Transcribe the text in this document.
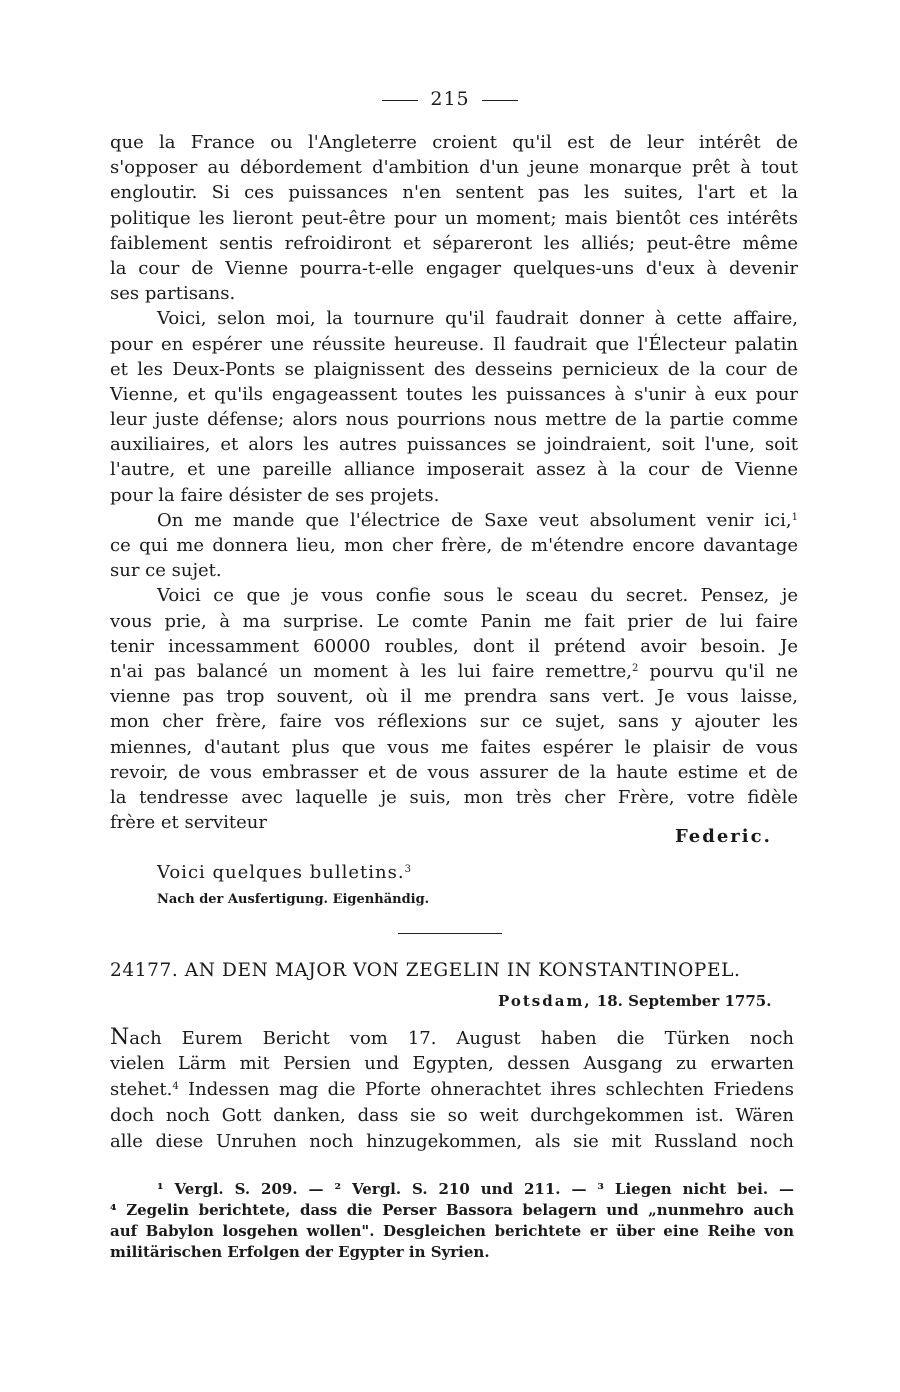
215
que la France ou l'Angleterre croient qu'il est de leur intérêt de
s'opposer au débordement d'ambition d'un jeune monarque prêt à tout
engloutir. Si ces puissances n'en sentent pas les suites, l'art et la
politique les lieront peut-être pour un moment; mais bientôt ces intérêts
faiblement sentis refroidiront et sépareront les alliés; peut-être même
la cour de Vienne pourra-t-elle engager quelques-uns d'eux à devenir
ses partisans.
Voici, selon moi, la tournure qu'il faudrait donner à cette affaire,
pour en espérer une réussite heureuse. Il faudrait que l'Électeur palatin
et les Deux-Ponts se plaignissent des desseins pernicieux de la cour de
Vienne, et qu'ils engageassent toutes les puissances à s'unir à eux pour
leur juste défense; alors nous pourrions nous mettre de la partie comme
auxiliaires, et alors les autres puissances se joindraient, soit l'une, soit
l'autre, et une pareille alliance imposerait assez à la cour de Vienne
pour la faire désister de ses projets.
On me mande que l'électrice de Saxe veut absolument venir ici,$^1$
ce qui me donnera lieu, mon cher frère, de m'étendre encore davantage
sur ce sujet.
Voici ce que je vous confie sous le sceau du secret. Pensez, je
vous prie, à ma surprise. Le comte Panin me fait prier de lui faire
tenir incessamment 60000 roubles, dont il prétend avoir besoin. Je
n'ai pas balancé un moment à les lui faire remettre,$^2$ pourvu qu'il ne
vienne pas trop souvent, où il me prendra sans vert. Je vous laisse,
mon cher frère, faire vos réflexions sur ce sujet, sans y ajouter les
miennes, d'autant plus que vous me faites espérer le plaisir de vous
revoir, de vous embrasser et de vous assurer de la haute estime et de
la tendresse avec laquelle je suis, mon très cher Frère, votre fidèle
frère et serviteur
Federic.
Voici quelques bulletins.$^3$
Nach der Ausfertigung. Eigenhändig.
24177. AN DEN MAJOR VON ZEGELIN IN KONSTANTINOPEL.
Potsdam, 18. September 1775.
Nach Eurem Bericht vom 17. August haben die Türken noch
vielen Lärm mit Persien und Egypten, dessen Ausgang zu erwarten
stehet.$^4$ Indessen mag die Pforte ohnerachtet ihres schlechten Friedens
doch noch Gott danken, dass sie so weit durchgekommen ist. Wären
alle diese Unruhen noch hinzugekommen, als sie mit Russland noch
¹ Vergl. S. 209. — ² Vergl. S. 210 und 211. — ³ Liegen nicht bei. —
⁴ Zegelin berichtete, dass die Perser Bassora belagern und „nunmehro auch
auf Babylon losgehen wollen". Desgleichen berichtete er über eine Reihe von
militärischen Erfolgen der Egypter in Syrien.
